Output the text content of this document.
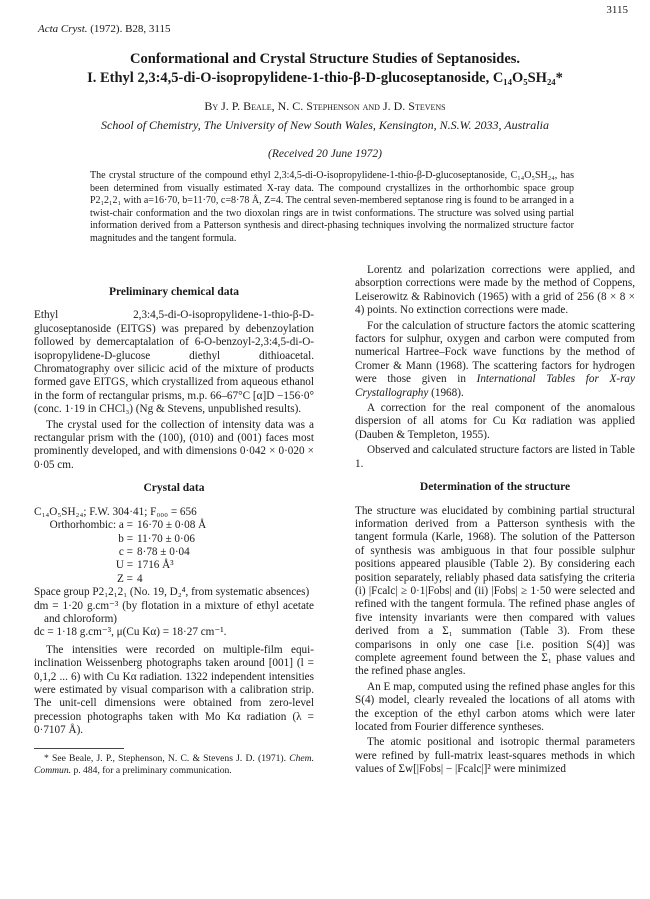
3115
Acta Cryst. (1972). B28, 3115
Conformational and Crystal Structure Studies of Septanosides.
I. Ethyl 2,3:4,5-di-O-isopropylidene-1-thio-β-D-glucoseptanoside, C₁₄O₅SH₂₄*
By J. P. Beale, N. C. Stephenson and J. D. Stevens
School of Chemistry, The University of New South Wales, Kensington, N.S.W. 2033, Australia
(Received 20 June 1972)
The crystal structure of the compound ethyl 2,3:4,5-di-O-isopropylidene-1-thio-β-D-glucoseptanoside, C₁₄O₅SH₂₄, has been determined from visually estimated X-ray data. The compound crystallizes in the orthorhombic space group P2₁2₁2₁ with a=16·70, b=11·70, c=8·78 Å, Z=4. The central seven-membered septanose ring is found to be arranged in a twist-chair conformation and the two dioxolan rings are in twist conformations. The structure was solved using partial information derived from a Patterson synthesis and direct-phasing techniques involving the normalized structure factor magnitudes and the tangent formula.
Preliminary chemical data

Ethyl 2,3:4,5-di-O-isopropylidene-1-thio-β-D-glucoseptanoside (EITGS) was prepared by debenzoylation followed by demercaptalation of 6-O-benzoyl-2,3:4,5-di-O-isopropylidene-D-glucose diethyl dithioacetal. Chromatography over silicic acid of the mixture of products formed gave EITGS, which crystallized from aqueous ethanol in the form of rectangular prisms, m.p. 66–67°C [α]D −156·0° (conc. 1·19 in CHCl₃) (Ng & Stevens, unpublished results).

The crystal used for the collection of intensity data was a rectangular prism with the (100), (010) and (001) faces most prominently developed, and with dimensions 0·042 × 0·020 × 0·05 cm.

Crystal data
C₁₄O₅SH₂₄; F.W. 304·41; F₀₀₀ = 656
Orthorhombic: a = 16·70 ± 0·08 Å
b = 11·70 ± 0·06
c = 8·78 ± 0·04
U = 1716 Å³
Z = 4
Space group P2₁2₁2₁ (No. 19, D₂⁴, from systematic absences)
dm = 1·20 g.cm⁻³ (by flotation in a mixture of ethyl acetate and chloroform)
dc = 1·18 g.cm⁻³, μ(Cu Kα) = 18·27 cm⁻¹.

The intensities were recorded on multiple-film equi-inclination Weissenberg photographs taken around [001] (l = 0,1,2 ... 6) with Cu Kα radiation. 1322 independent intensities were estimated by visual comparison with a calibration strip. The unit-cell dimensions were obtained from zero-level precession photographs taken with Mo Kα radiation (λ = 0·7107 Å).

* See Beale, J. P., Stephenson, N. C. & Stevens J. D. (1971). Chem. Commun. p. 484, for a preliminary communication.

Lorentz and polarization corrections were applied, and absorption corrections were made by the method of Coppens, Leiserowitz & Rabinovich (1965) with a grid of 256 (8 × 8 × 4) points. No extinction corrections were made.

For the calculation of structure factors the atomic scattering factors for sulphur, oxygen and carbon were computed from numerical Hartree–Fock wave functions by the method of Cromer & Mann (1968). The scattering factors for hydrogen were those given in International Tables for X-ray Crystallography (1968).

A correction for the real component of the anomalous dispersion of all atoms for Cu Kα radiation was applied (Dauben & Templeton, 1955).

Observed and calculated structure factors are listed in Table 1.

Determination of the structure

The structure was elucidated by combining partial structural information derived from a Patterson synthesis with the tangent formula (Karle, 1968). The solution of the Patterson of synthesis was ambiguous in that four possible sulphur positions appeared plausible (Table 2). By considering each position separately, reliably phased data satisfying the criteria (i) |Fcalc| ≥ 0·1|Fobs| and (ii) |Fobs| ≥ 1·50 were selected and refined with the tangent formula. The refined phase angles of five intensity invariants were then compared with values derived from a Σ₁ summation (Table 3). From these comparisons in only one case [i.e. position S(4)] was complete agreement found between the Σ₁ phase values and the refined phase angles.

An E map, computed using the refined phase angles for this S(4) model, clearly revealed the locations of all atoms with the exception of the ethyl carbon atoms which were later located from Fourier difference syntheses.

The atomic positional and isotropic thermal parameters were refined by full-matrix least-squares methods in which values of Σw[|Fobs| − |Fcalc|]² were minimized
